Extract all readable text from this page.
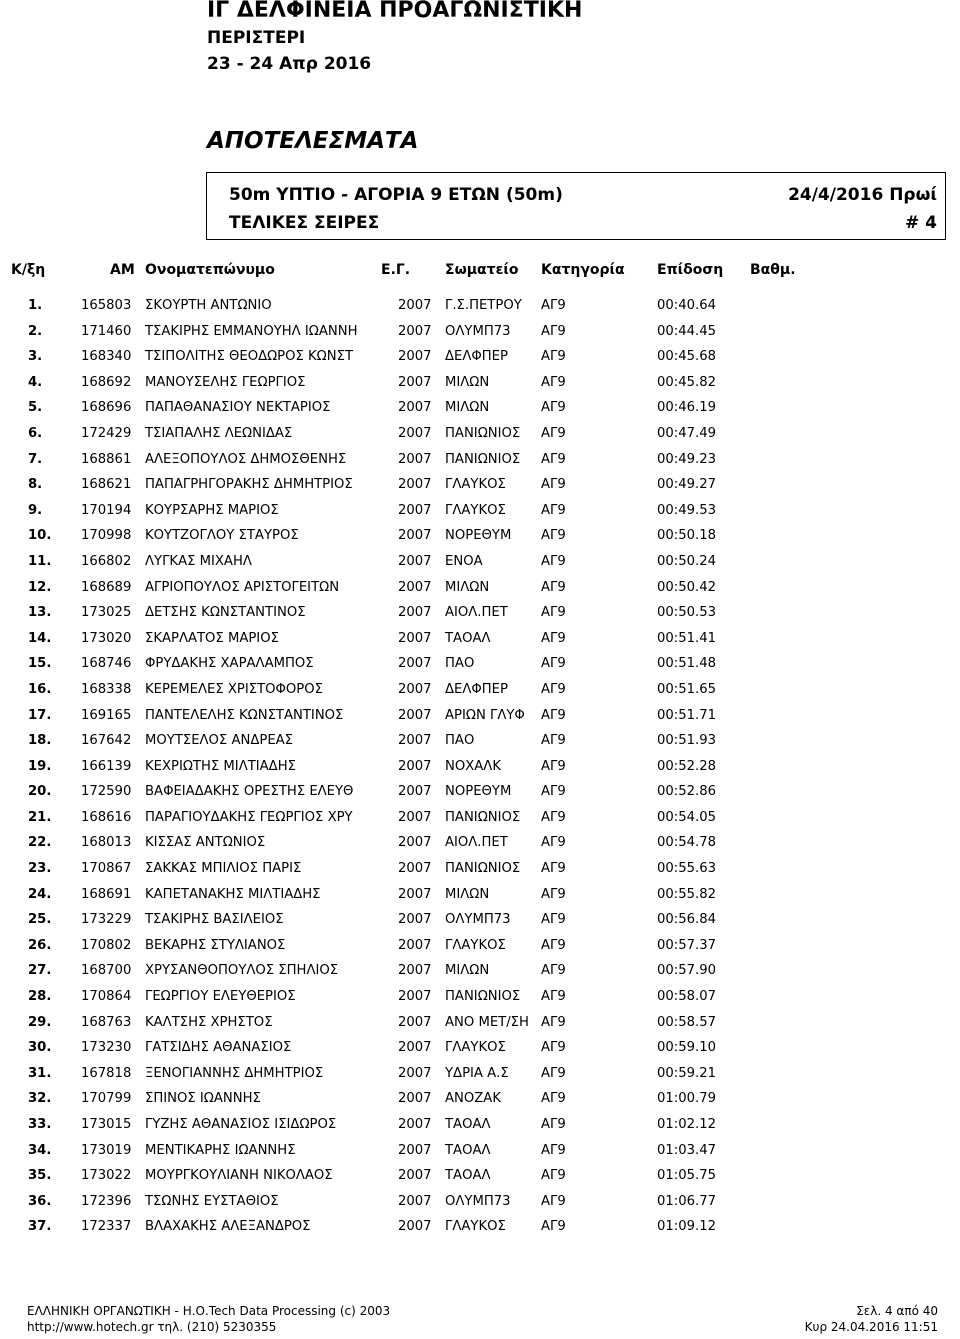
ΙΓ ΔΕΛΦΙΝΕΙΑ ΠΡΟΑΓΩΝΙΣΤΙΚΗ
ΠΕΡΙΣΤΕΡΙ
23 - 24 Απρ 2016
ΑΠΟΤΕΛΕΣΜΑΤΑ
50m ΥΠΤΙΟ - ΑΓΟΡΙΑ 9 ΕΤΩΝ (50m)	24/4/2016 Πρωί
ΤΕΛΙΚΕΣ ΣΕΙΡΕΣ	# 4
Κ/ξη	ΑΜ Ονοματεπώνυμο	Ε.Γ. Σωματείο Κατηγορία Επίδοση Βαθμ.
1.	165803 ΣΚΟΥΡΤΗ ΑΝΤΩΝΙΟ	2007 Γ.Σ.ΠΕΤΡΟΥ ΑΓ9	00:40.64
2.	171460 ΤΣΑΚΙΡΗΣ ΕΜΜΑΝΟΥΗΛ ΙΩΑΝΝΗ	2007 ΟΛΥΜΠ73 ΑΓ9	00:44.45
3.	168340 ΤΣΙΠΟΛΙΤΗΣ ΘΕΟΔΩΡΟΣ ΚΩΝΣΤ	2007 ΔΕΛΦΠΕΡ	ΑΓ9	00:45.68
4.	168692 ΜΑΝΟΥΣΕΛΗΣ ΓΕΩΡΓΙΟΣ	2007 ΜΙΛΩΝ	ΑΓ9	00:45.82
5.	168696 ΠΑΠΑΘΑΝΑΣΙΟΥ ΝΕΚΤΑΡΙΟΣ	2007 ΜΙΛΩΝ	ΑΓ9	00:46.19
6.	172429 ΤΣΙΑΠΑΛΗΣ ΛΕΩΝΙΔΑΣ	2007 ΠΑΝΙΩΝΙΟΣ ΑΓ9	00:47.49
7.	168861 ΑΛΕΞΟΠΟΥΛΟΣ ΔΗΜΟΣΘΕΝΗΣ	2007 ΠΑΝΙΩΝΙΟΣ ΑΓ9	00:49.23
8.	168621 ΠΑΠΑΓΡΗΓΟΡΑΚΗΣ ΔΗΜΗΤΡΙΟΣ	2007 ΓΛΑΥΚΟΣ	ΑΓ9	00:49.27
9.	170194 ΚΟΥΡΣΑΡΗΣ ΜΑΡΙΟΣ	2007 ΓΛΑΥΚΟΣ	ΑΓ9	00:49.53
10. 170998 ΚΟΥΤΖΟΓΛΟΥ ΣΤΑΥΡΟΣ	2007 ΝΟΡΕΘΥΜ ΑΓ9	00:50.18
11. 166802 ΛΥΓΚΑΣ ΜΙΧΑΗΛ	2007 ΕΝΟΑ	ΑΓ9	00:50.24
12. 168689 ΑΓΡΙΟΠΟΥΛΟΣ ΑΡΙΣΤΟΓΕΙΤΩΝ	2007 ΜΙΛΩΝ	ΑΓ9	00:50.42
13. 173025 ΔΕΤΣΗΣ ΚΩΝΣΤΑΝΤΙΝΟΣ	2007 ΑΙΟΛ.ΠΕΤ	ΑΓ9	00:50.53
14. 173020 ΣΚΑΡΛΑΤΟΣ ΜΑΡΙΟΣ	2007 ΤΑΟΑΛ	ΑΓ9	00:51.41
15. 168746 ΦΡΥΔΑΚΗΣ ΧΑΡΑΛΑΜΠΟΣ	2007 ΠΑΟ	ΑΓ9	00:51.48
16. 168338 ΚΕΡΕΜΕΛΕΣ ΧΡΙΣΤΟΦΟΡΟΣ	2007 ΔΕΛΦΠΕΡ	ΑΓ9	00:51.65
17. 169165 ΠΑΝΤΕΛΕΛΗΣ ΚΩΝΣΤΑΝΤΙΝΟΣ	2007 ΑΡΙΩΝ ΓΛΥΦ ΑΓ9	00:51.71
18. 167642 ΜΟΥΤΣΕΛΟΣ ΑΝΔΡΕΑΣ	2007 ΠΑΟ	ΑΓ9	00:51.93
19. 166139 ΚΕΧΡΙΩΤΗΣ ΜΙΛΤΙΑΔΗΣ	2007 ΝΟΧΑΛΚ	ΑΓ9	00:52.28
20. 172590 ΒΑΦΕΙΑΔΑΚΗΣ ΟΡΕΣΤΗΣ ΕΛΕΥΘ	2007 ΝΟΡΕΘΥΜ ΑΓ9	00:52.86
21. 168616 ΠΑΡΑΓΙΟΥΔΑΚΗΣ ΓΕΩΡΓΙΟΣ ΧΡΥ	2007 ΠΑΝΙΩΝΙΟΣ ΑΓ9	00:54.05
22. 168013 ΚΙΣΣΑΣ ΑΝΤΩΝΙΟΣ	2007 ΑΙΟΛ.ΠΕΤ	ΑΓ9	00:54.78
23. 170867 ΣΑΚΚΑΣ ΜΠΙΛΙΟΣ ΠΑΡΙΣ	2007 ΠΑΝΙΩΝΙΟΣ ΑΓ9	00:55.63
24. 168691 ΚΑΠΕΤΑΝΑΚΗΣ ΜΙΛΤΙΑΔΗΣ	2007 ΜΙΛΩΝ	ΑΓ9	00:55.82
25. 173229 ΤΣΑΚΙΡΗΣ ΒΑΣΙΛΕΙΟΣ	2007 ΟΛΥΜΠ73 ΑΓ9	00:56.84
26. 170802 ΒΕΚΑΡΗΣ ΣΤΥΛΙΑΝΟΣ	2007 ΓΛΑΥΚΟΣ	ΑΓ9	00:57.37
27. 168700 ΧΡΥΣΑΝΘΟΠΟΥΛΟΣ ΣΠΗΛΙΟΣ	2007 ΜΙΛΩΝ	ΑΓ9	00:57.90
28. 170864 ΓΕΩΡΓΙΟΥ ΕΛΕΥΘΕΡΙΟΣ	2007 ΠΑΝΙΩΝΙΟΣ ΑΓ9	00:58.07
29. 168763 ΚΑΛΤΣΗΣ ΧΡΗΣΤΟΣ	2007 ΑΝΟ ΜΕΤ/ΣΗ ΑΓ9	00:58.57
30. 173230 ΓΑΤΣΙΔΗΣ ΑΘΑΝΑΣΙΟΣ	2007 ΓΛΑΥΚΟΣ	ΑΓ9	00:59.10
31. 167818 ΞΕΝΟΓΙΑΝΝΗΣ ΔΗΜΗΤΡΙΟΣ	2007 ΥΔΡΙΑ Α.Σ ΑΓ9	00:59.21
32. 170799 ΣΠΙΝΟΣ ΙΩΑΝΝΗΣ	2007 ΑΝΟΖΑΚ	ΑΓ9	01:00.79
33. 173015 ΓΥΖΗΣ ΑΘΑΝΑΣΙΟΣ ΙΣΙΔΩΡΟΣ	2007 ΤΑΟΑΛ	ΑΓ9	01:02.12
34. 173019 ΜΕΝΤΙΚΑΡΗΣ ΙΩΑΝΝΗΣ	2007 ΤΑΟΑΛ	ΑΓ9	01:03.47
35. 173022 ΜΟΥΡΓΚΟΥΛΙΑΝΗ ΝΙΚΟΛΑΟΣ	2007 ΤΑΟΑΛ	ΑΓ9	01:05.75
36. 172396 ΤΣΩΝΗΣ ΕΥΣΤΑΘΙΟΣ	2007 ΟΛΥΜΠ73 ΑΓ9	01:06.77
37. 172337 ΒΛΑΧΑΚΗΣ ΑΛΕΞΑΝΔΡΟΣ	2007 ΓΛΑΥΚΟΣ	ΑΓ9	01:09.12
ΕΛΛΗΝΙΚΗ ΟΡΓΑΝΩΤΙΚΗ - Η.Ο.Tech Data Processing (c) 2003
http://www.hotech.gr τηλ. (210) 5230355
Σελ. 4 από 40
Κυρ 24.04.2016 11:51
